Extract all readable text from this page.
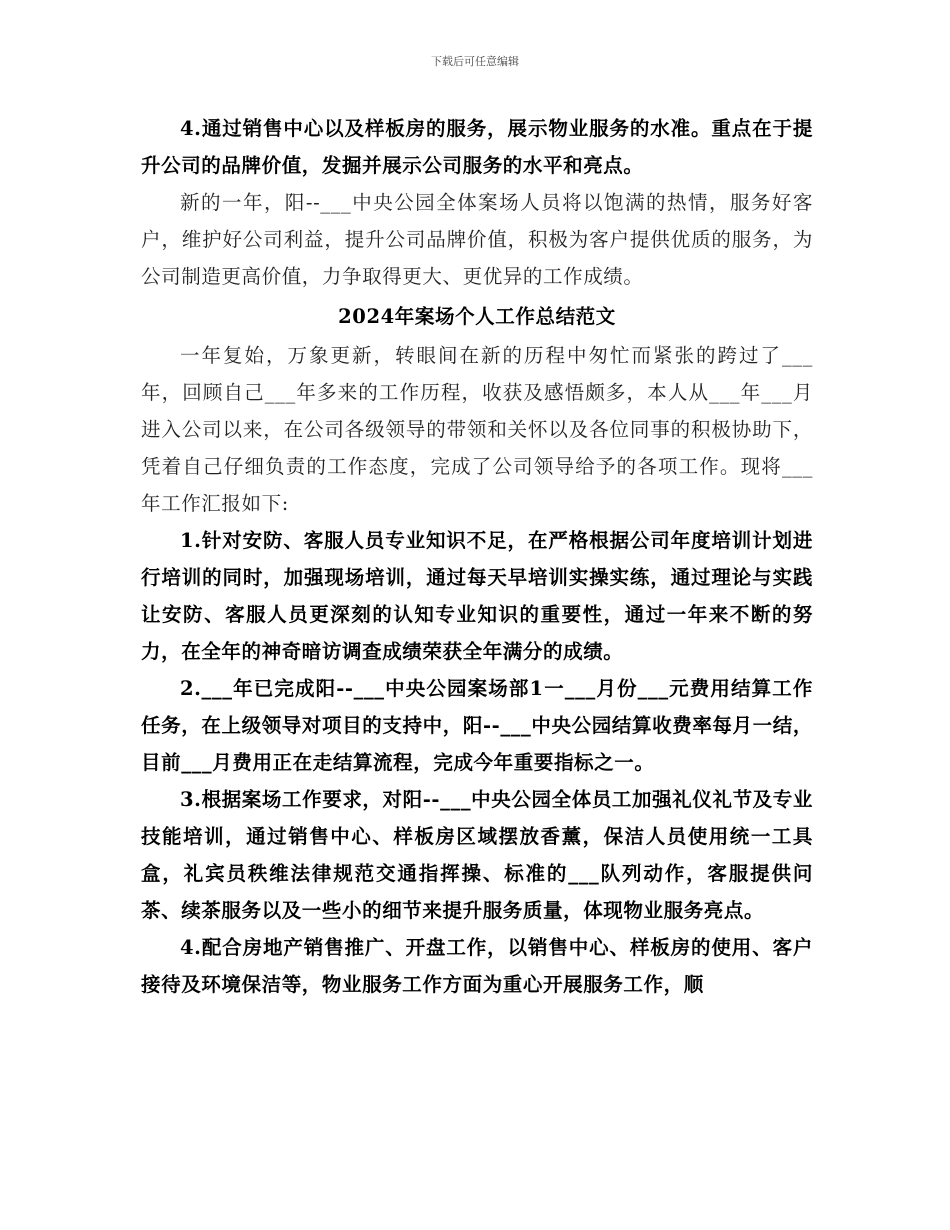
下载后可任意编辑

4.通过销售中心以及样板房的服务，展示物业服务的水准。重点在于提升公司的品牌价值，发掘并展示公司服务的水平和亮点。

新的一年，阳--___中央公园全体案场人员将以饱满的热情，服务好客户，维护好公司利益，提升公司品牌价值，积极为客户提供优质的服务，为公司制造更高价值，力争取得更大、更优异的工作成绩。

2024年案场个人工作总结范文

一年复始，万象更新，转眼间在新的历程中匆忙而紧张的跨过了___年，回顾自己___年多来的工作历程，收获及感悟颇多，本人从___年___月进入公司以来，在公司各级领导的带领和关怀以及各位同事的积极协助下，凭着自己仔细负责的工作态度，完成了公司领导给予的各项工作。现将___年工作汇报如下:

1.针对安防、客服人员专业知识不足，在严格根据公司年度培训计划进行培训的同时，加强现场培训，通过每天早培训实操实练，通过理论与实践让安防、客服人员更深刻的认知专业知识的重要性，通过一年来不断的努力，在全年的神奇暗访调查成绩荣获全年满分的成绩。

2.___年已完成阳--___中央公园案场部1一___月份___元费用结算工作任务，在上级领导对项目的支持中，阳--___中央公园结算收费率每月一结，目前___月费用正在走结算流程，完成今年重要指标之一。

3.根据案场工作要求，对阳--___中央公园全体员工加强礼仪礼节及专业技能培训，通过销售中心、样板房区域摆放香薰，保洁人员使用统一工具盒，礼宾员秩维法律规范交通指挥操、标准的___队列动作，客服提供问茶、续茶服务以及一些小的细节来提升服务质量，体现物业服务亮点。

4.配合房地产销售推广、开盘工作，以销售中心、样板房的使用、客户接待及环境保洁等，物业服务工作方面为重心开展服务工作，顺
